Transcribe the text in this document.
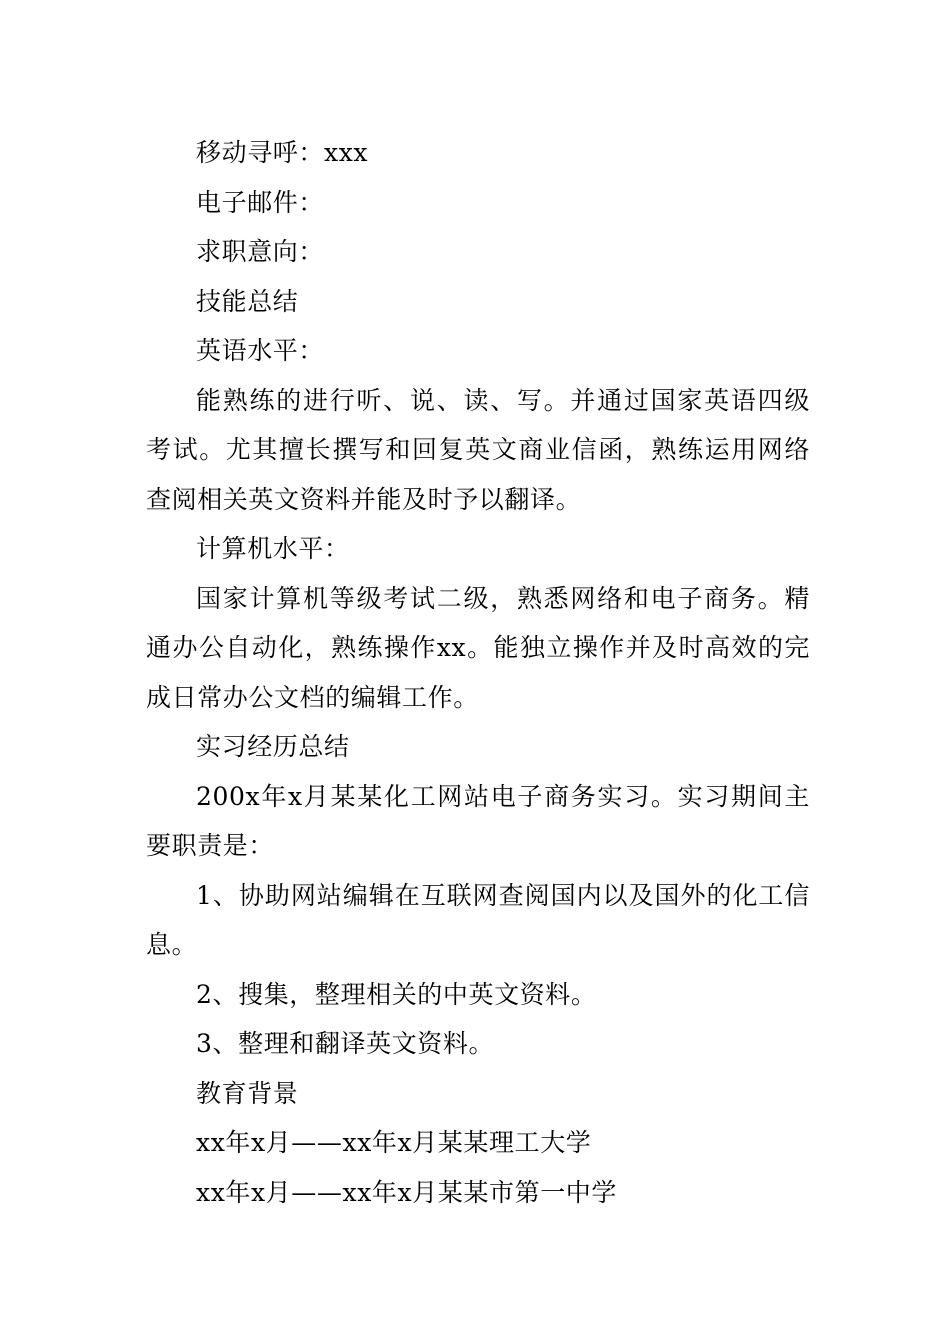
移动寻呼：xxx

电子邮件：

求职意向：

技能总结

英语水平：

能熟练的进行听、说、读、写。并通过国家英语四级考试。尤其擅长撰写和回复英文商业信函，熟练运用网络查阅相关英文资料并能及时予以翻译。

计算机水平：

国家计算机等级考试二级，熟悉网络和电子商务。精通办公自动化，熟练操作xx。能独立操作并及时高效的完成日常办公文档的编辑工作。

实习经历总结

200x年x月某某化工网站电子商务实习。实习期间主要职责是：

1、协助网站编辑在互联网查阅国内以及国外的化工信息。

2、搜集，整理相关的中英文资料。

3、整理和翻译英文资料。

教育背景

xx年x月——xx年x月某某理工大学

xx年x月——xx年x月某某市第一中学
